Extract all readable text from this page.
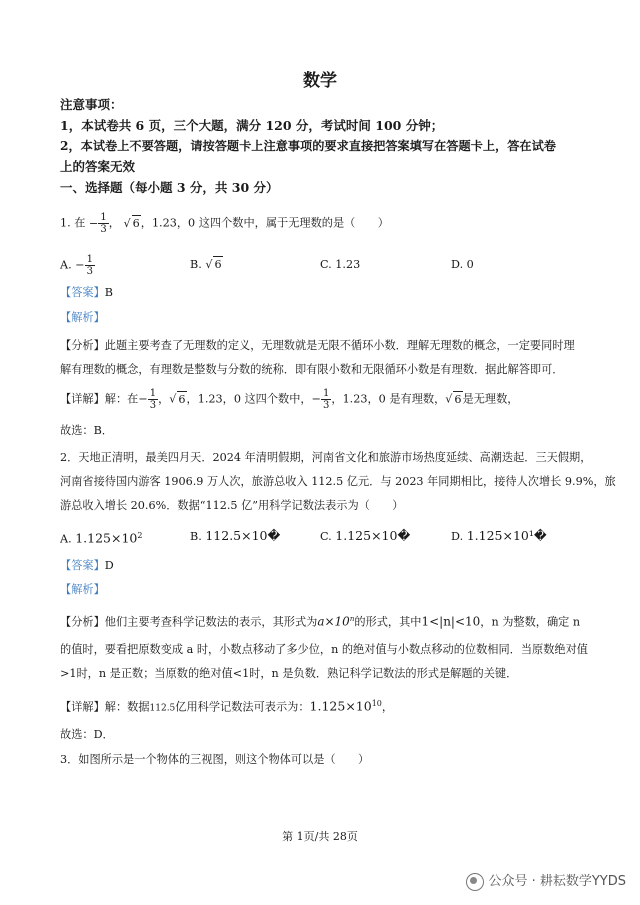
数学
注意事项：
1，本试卷共 6 页，三个大题，满分 120 分，考试时间 100 分钟；
2，本试卷上不要答题，请按答题卡上注意事项的要求直接把答案填写在答题卡上，答在试卷
上的答案无效
一、选择题（每小题 3 分，共 30 分）
1. 在 − $\frac{1}{3}$ ， √ 6，1.23，0 这四个数中，属于无理数的是（　　）
A. − $\frac{1}{3}$	B. √ 6	C. 1.23	D. 0
【答案】B
【解析】
【分析】此题主要考查了无理数的定义，无理数就是无限不循环小数．理解无理数的概念，一定要同时理
解有理数的概念，有理数是整数与分数的统称．即有限小数和无限循环小数是有理数．据此解答即可．
【详解】解：在− $\frac{1}{3}$ ，√ 6，1.23，0 这四个数中，− $\frac{1}{3}$ ，1.23，0 是有理数，√ 6是无理数，
故选：B．
2．天地正清明，最美四月天．2024 年清明假期，河南省文化和旅游市场热度延续、高潮迭起．三天假期，
河南省接待国内游客 1906.9 万人次，旅游总收入 112.5 亿元．与 2023 年同期相比，接待人次增长 9.9%，旅
游总收入增长 20.6%．数据“112.5 亿”用科学记数法表示为（　　）
A. $1.125\times 10^2$	B. 112.5×10�	C. 1.125×10�	D. 1.125×10¹�
【答案】D
【解析】
【分析】他们主要考查科学记数法的表示，其形式为$a\times 10^n$的形式，其中1<|n|<10，n 为整数，确定 n
的值时，要看把原数变成 a 时，小数点移动了多少位，n 的绝对值与小数点移动的位数相同．当原数绝对值
>1时，n 是正数；当原数的绝对值<1时，n 是负数．熟记科学记数法的形式是解题的关键．
【详解】解：数据112.5亿用科学记数法可表示为：$1.125\times 10^{10}$，
故选：D．
3．如图所示是一个物体的三视图，则这个物体可以是（　　）
第 1页/共 28页
公众号 · 耕耘数学YYDS
